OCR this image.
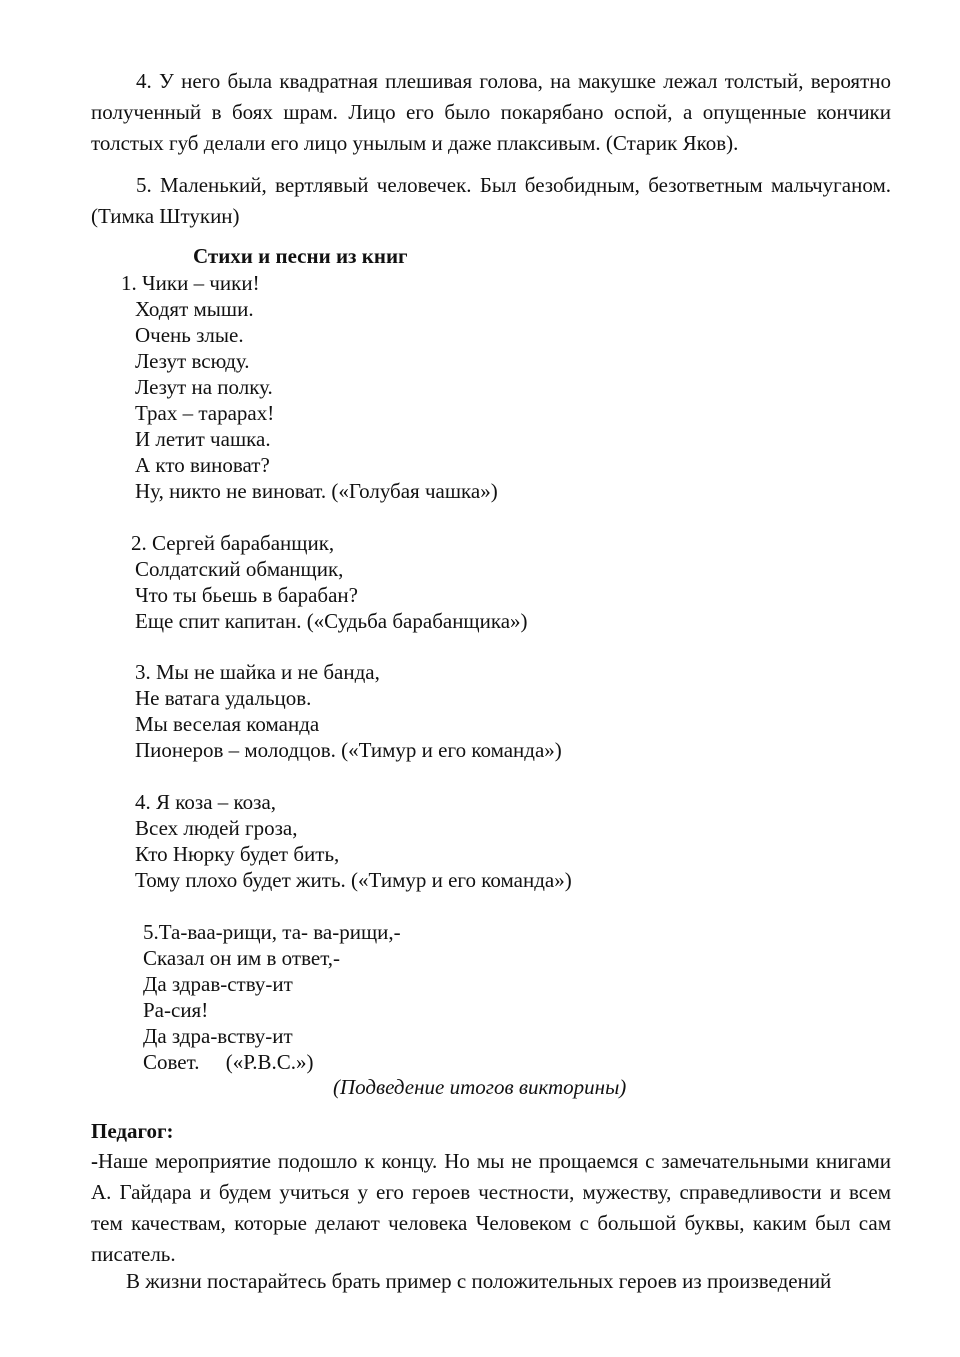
4. У него была квадратная плешивая голова, на макушке лежал толстый, вероятно полученный в боях шрам. Лицо его было покарябано оспой, а опущенные кончики толстых губ делали его лицо унылым и даже плаксивым. (Старик Яков).

5. Маленький, вертлявый человечек. Был безобидным, безответным мальчуганом. (Тимка Штукин)

Стихи и песни из книг
1. Чики – чики!
Ходят мыши.
Очень злые.
Лезут всюду.
Лезут на полку.
Трах – тарарах!
И летит чашка.
А кто виноват?
Ну, никто не виноват. («Голубая чашка»)
2. Сергей барабанщик,
Солдатский обманщик,
Что ты бьешь в барабан?
Еще спит капитан. («Судьба барабанщика»)
3. Мы не шайка и не банда,
Не ватага удальцов.
Мы веселая команда
Пионеров – молодцов. («Тимур и его команда»)
4. Я коза – коза,
Всех людей гроза,
Кто Нюрку будет бить,
Тому плохо будет жить. («Тимур и его команда»)
5.Та-ваа-рищи, та- ва-рищи,-
Сказал он им в ответ,-
Да здрав-ству-ит
Ра-сия!
Да здра-вству-ит
Совет.     («Р.В.С.»)
(Подведение итогов викторины)
Педагог:

-Наше мероприятие подошло к концу. Но мы не прощаемся с замечательными книгами А. Гайдара и будем учиться у его героев честности, мужеству, справедливости и всем тем качествам, которые делают человека Человеком с большой буквы, каким был сам писатель.

В жизни постарайтесь брать пример с положительных героев из произведений
